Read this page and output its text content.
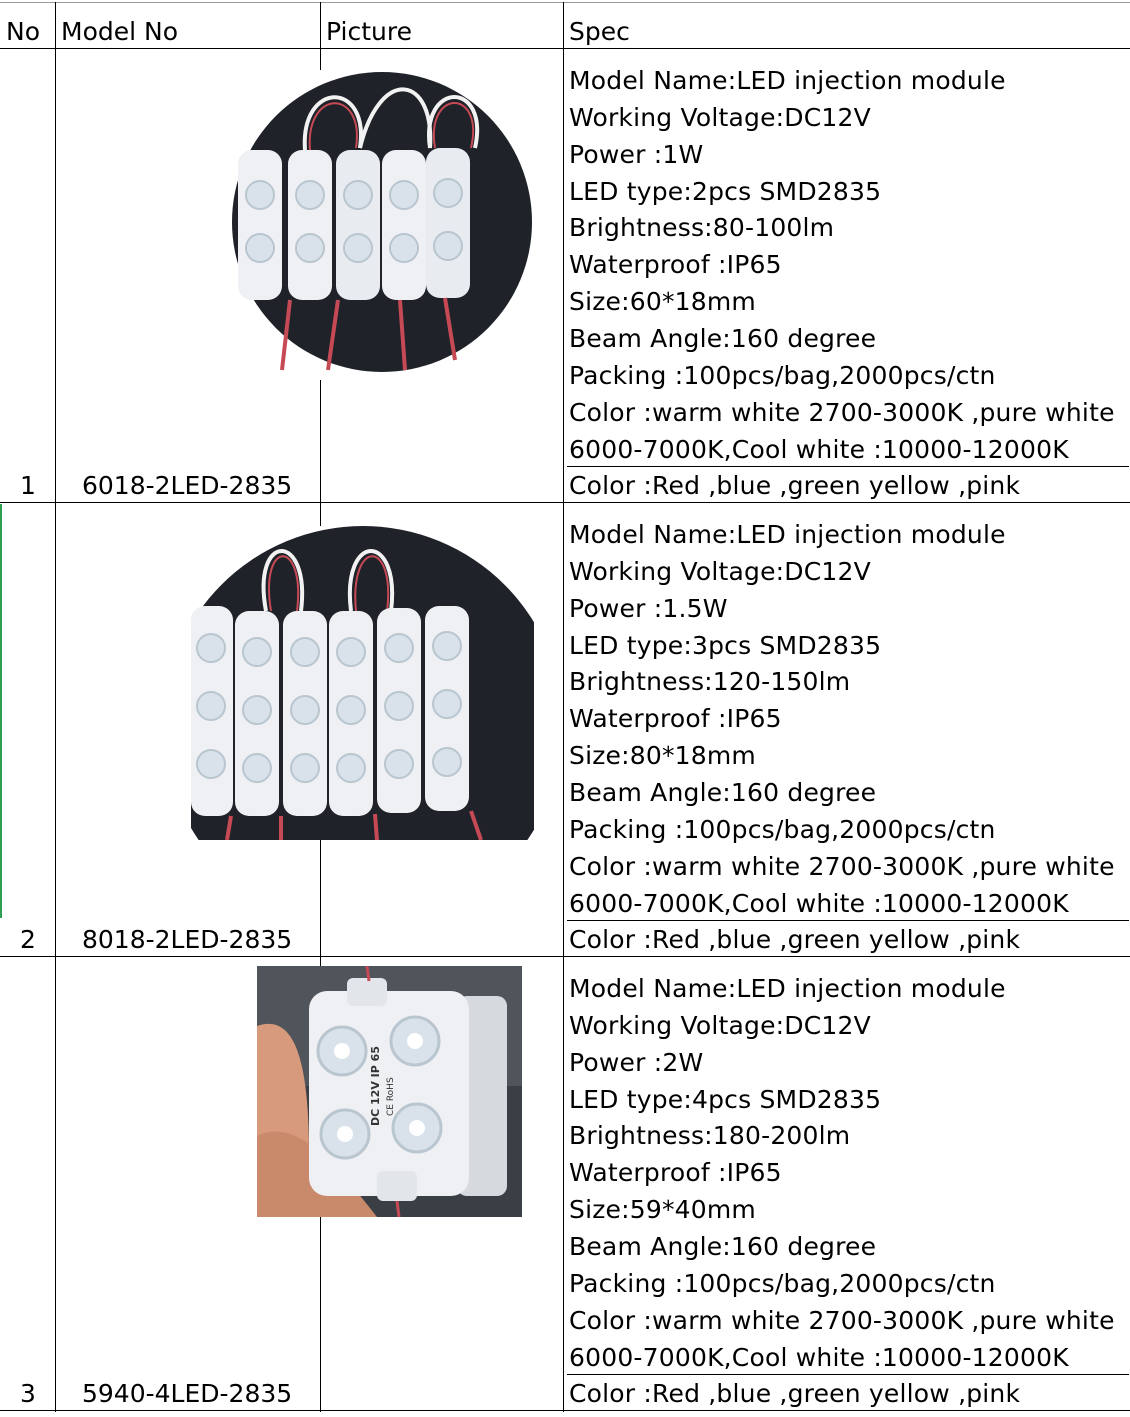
No Model No	Picture	Spec
1 6018-2LED-2835
Model Name:LED injection module
Working Voltage:DC12V
Power :1W
LED type:2pcs SMD2835
Brightness:80-100lm
Waterproof :IP65
Size:60*18mm
Beam Angle:160 degree
Packing :100pcs/bag,2000pcs/ctn
Color :warm white 2700-3000K ,pure white
6000-7000K,Cool white :10000-12000K
Color :Red ,blue ,green yellow ,pink
2 8018-2LED-2835
Model Name:LED injection module
Working Voltage:DC12V
Power :1.5W
LED type:3pcs SMD2835
Brightness:120-150lm
Waterproof :IP65
Size:80*18mm
Beam Angle:160 degree
Packing :100pcs/bag,2000pcs/ctn
Color :warm white 2700-3000K ,pure white
6000-7000K,Cool white :10000-12000K
Color :Red ,blue ,green yellow ,pink
3 5940-4LED-2835
DC 12V IP 65 CE RoHS
Model Name:LED injection module
Working Voltage:DC12V
Power :2W
LED type:4pcs SMD2835
Brightness:180-200lm
Waterproof :IP65
Size:59*40mm
Beam Angle:160 degree
Packing :100pcs/bag,2000pcs/ctn
Color :warm white 2700-3000K ,pure white
6000-7000K,Cool white :10000-12000K
Color :Red ,blue ,green yellow ,pink
